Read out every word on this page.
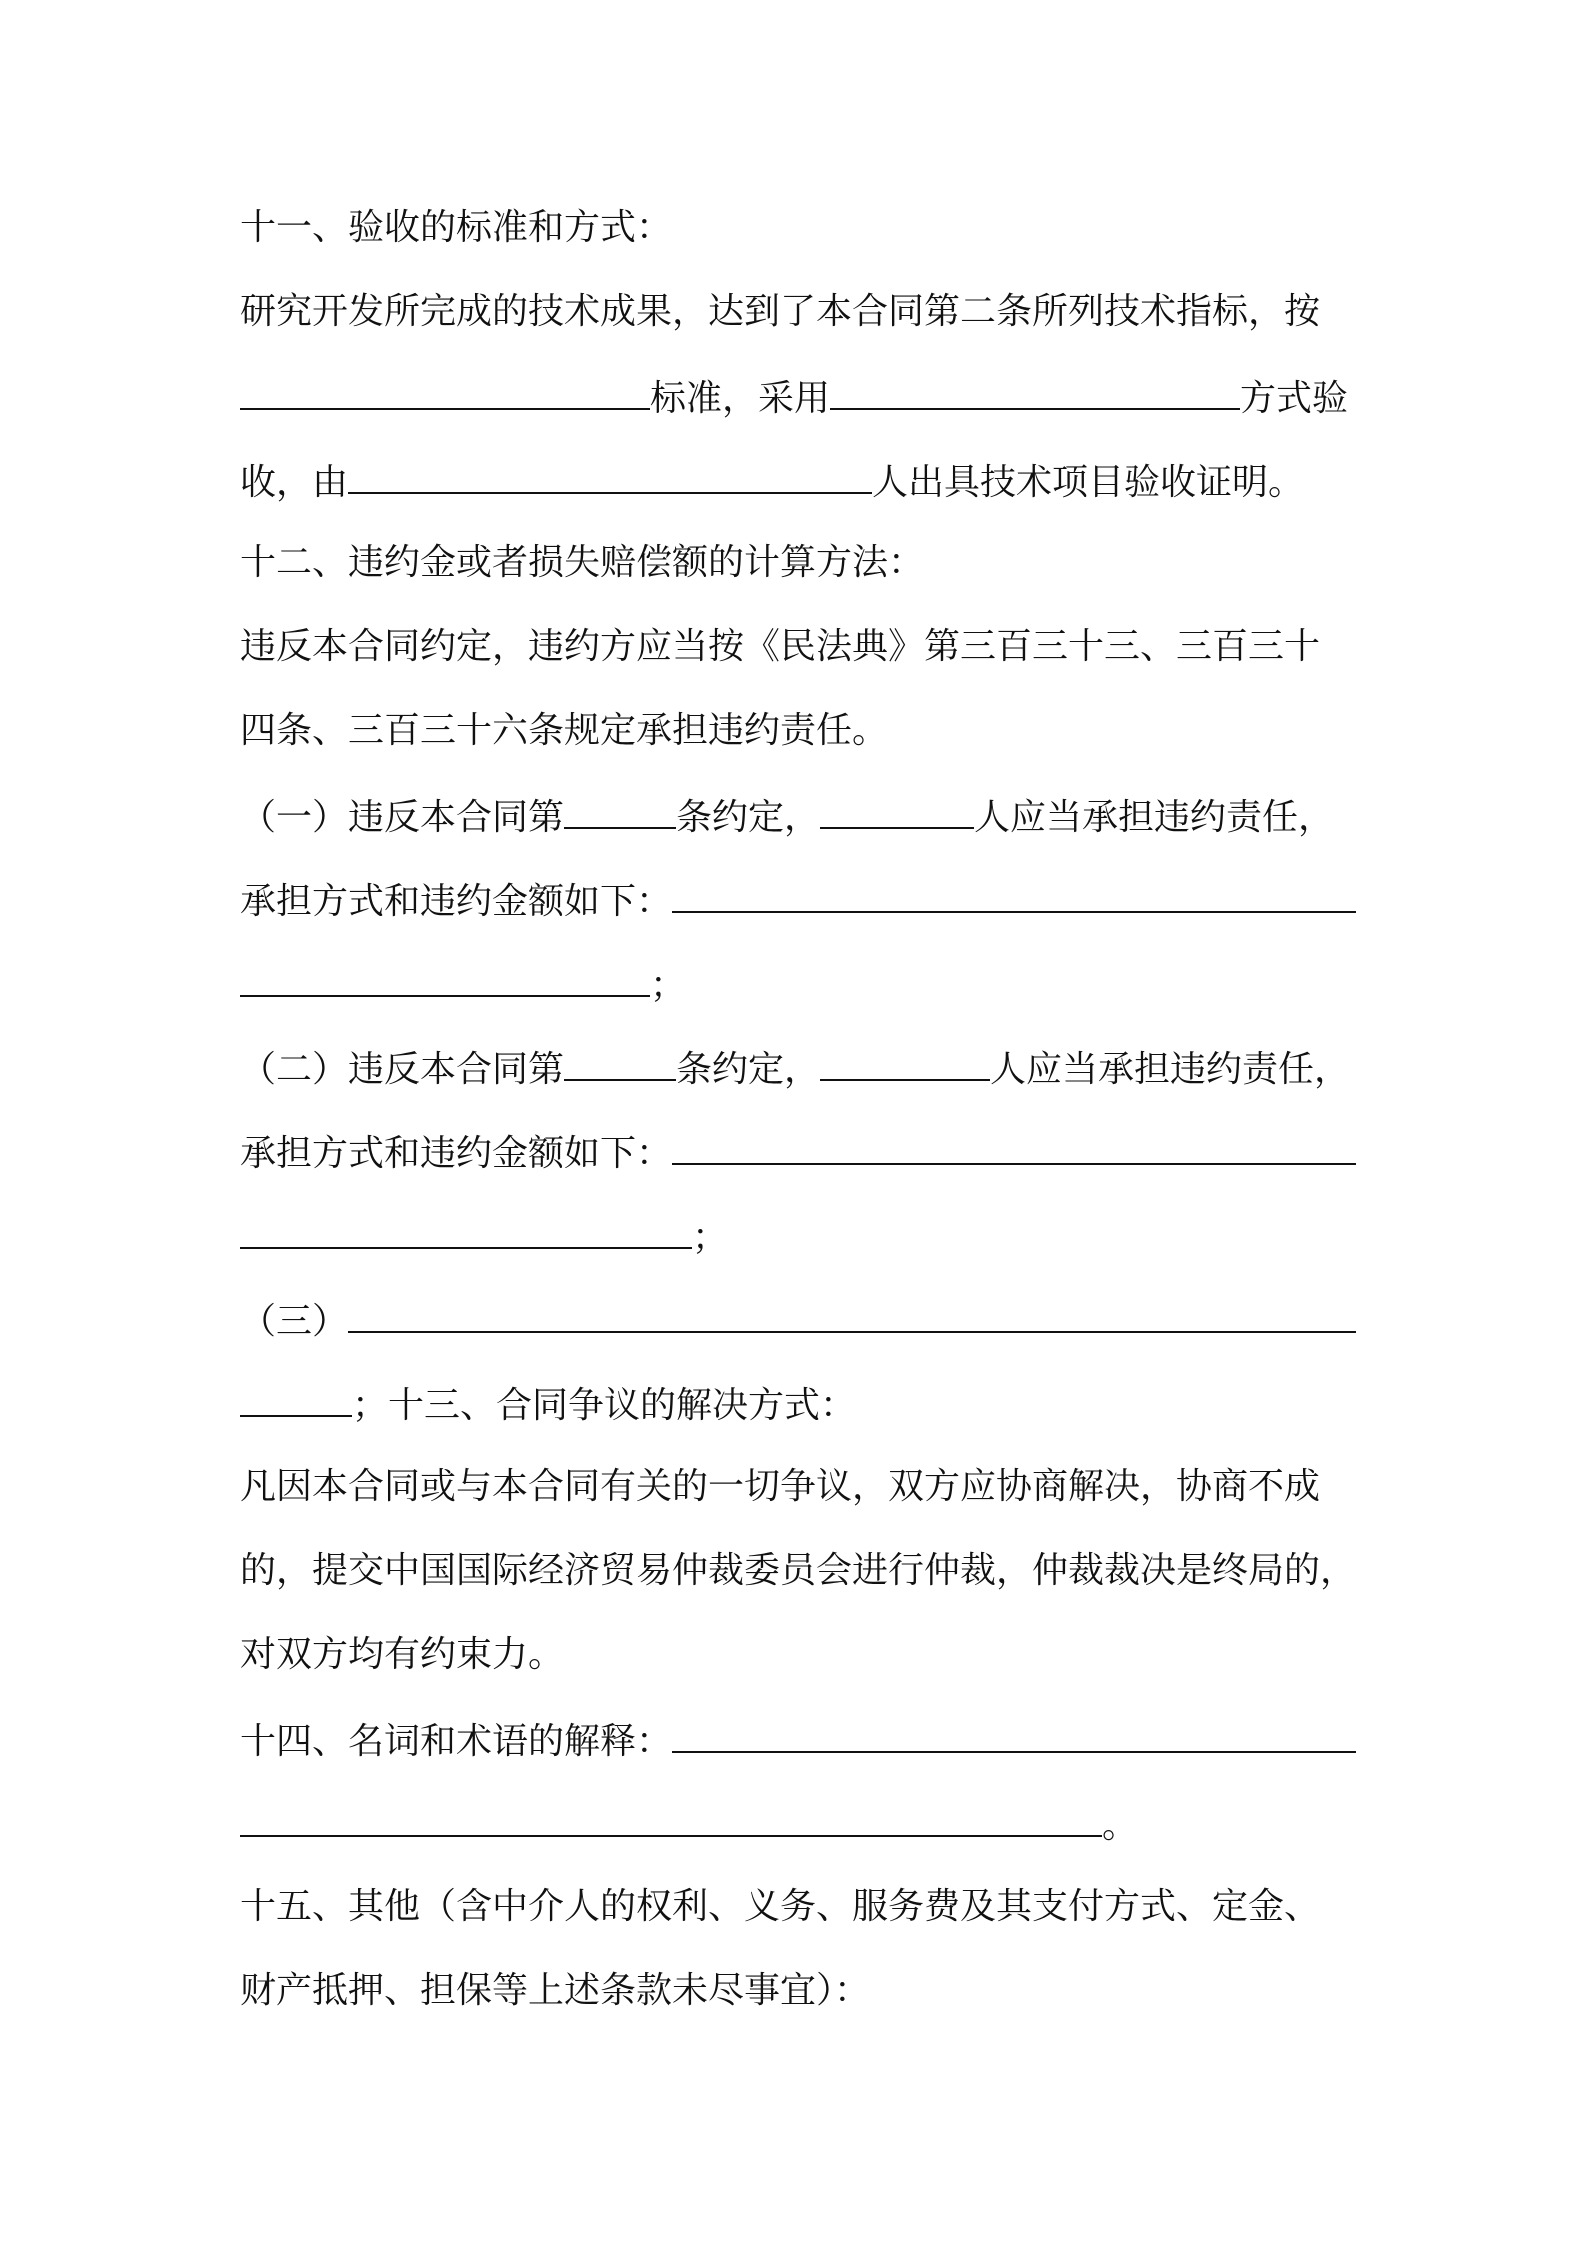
十一、验收的标准和方式：
研究开发所完成的技术成果，达到了本合同第二条所列技术指标，按
标准，采用	方式验
收，由	人出具技术项目验收证明。
十二、违约金或者损失赔偿额的计算方法：
违反本合同约定，违约方应当按《民法典》第三百三十三、三百三十
四条、三百三十六条规定承担违约责任。
（一）违反本合同第	条约定，	人应当承担违约责任，
承担方式和违约金额如下：
；
（二）违反本合同第	条约定，	人应当承担违约责任，
承担方式和违约金额如下：
；
（三）
； 十三、合同争议的解决方式：
凡因本合同或与本合同有关的一切争议，双方应协商解决，协商不成
的，提交中国国际经济贸易仲裁委员会进行仲裁，仲裁裁决是终局的，
对双方均有约束力。
十四、名词和术语的解释：
。
十五、其他（含中介人的权利、义务、服务费及其支付方式、定金、
财产抵押、担保等上述条款未尽事宜）：
